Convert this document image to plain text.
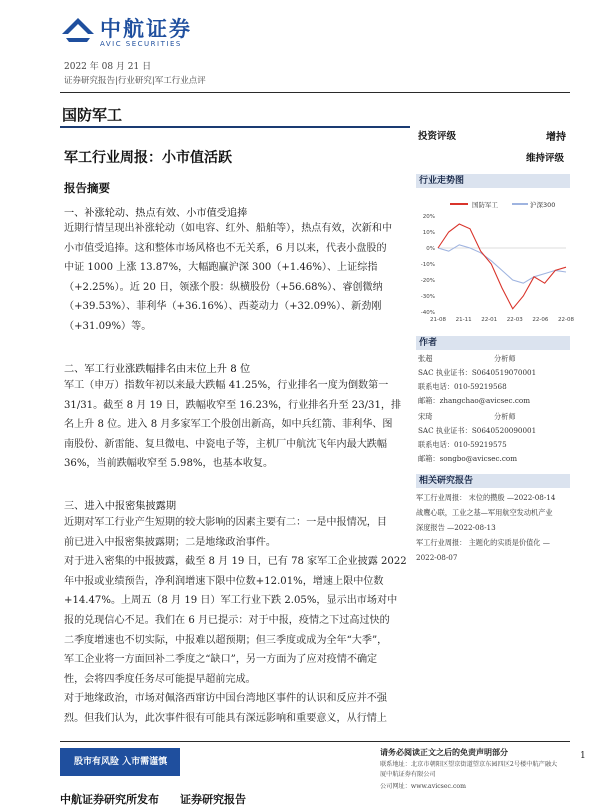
中航证券
AVIC SECURITIES
2022 年 08 月 21 日
证券研究报告|行业研究|军工行业点评
国防军工
军工行业周报：小市值活跃
报告摘要
一、补涨轮动、热点有效、小市值受追捧
近期行情呈现出补涨轮动（如电容、红外、船舶等），热点有效，次新和中
小市值受追捧。这和整体市场风格也不无关系，6 月以来，代表小盘股的
中证 1000 上涨 13.87%，大幅跑赢沪深 300（+1.46%）、上证综指
（+2.25%）。近 20 日，领涨个股：纵横股份（+56.68%）、睿创微纳
（+39.53%）、菲利华（+36.16%）、西菱动力（+32.09%）、新劲刚
（+31.09%）等。
二、军工行业涨跌幅排名由末位上升 8 位
军工（申万）指数年初以来最大跌幅 41.25%，行业排名一度为倒数第一
31/31。截至 8 月 19 日，跌幅收窄至 16.23%，行业排名升至 23/31，排
名上升 8 位。进入 8 月多家军工个股创出新高，如中兵红箭、菲利华、图
南股份、新雷能、复旦微电、中瓷电子等，主机厂中航沈飞年内最大跌幅
36%，当前跌幅收窄至 5.98%，也基本收复。
三、进入中报密集披露期
近期对军工行业产生短期的较大影响的因素主要有二：一是中报情况，目
前已进入中报密集披露期；二是地缘政治事件。
对于进入密集的中报披露，截至 8 月 19 日，已有 78 家军工企业披露 2022
年中报或业绩预告，净利润增速下限中位数+12.01%，增速上限中位数
+14.47%。上周五（8 月 19 日）军工行业下跌 2.05%，显示出市场对中
报的兑现信心不足。我们在 6 月已提示：对于中报，疫情之下过高过快的
二季度增速也不切实际，中报难以超预期；但三季度或成为全年“大季”，
军工企业将一方面回补二季度之“缺口”，另一方面为了应对疫情不确定
性，会将四季度任务尽可能提早超前完成。
对于地缘政治，市场对佩洛西窜访中国台湾地区事件的认识和反应并不强
烈。但我们认为，此次事件很有可能具有深远影响和重要意义，从行情上
投资评级	增持
维持评级
行业走势图
国防军工	沪深300
20%
10%
0%
-10%
-20%
-30%
-40%
21-08 21-11 22-01 22-03 22-06 22-08
作者
张超	分析师
SAC 执业证书：S0640519070001
联系电话：010-59219568
邮箱：zhangchao@avicsec.com
宋琦	分析师
SAC 执业证书：S0640520090001
联系电话：010-59219575
邮箱：songbo@avicsec.com
相关研究报告
军工行业周报： 末位的攒殷 —2022-08-14
战鹰心联，工业之基—军用航空发动机产业
深度报告 —2022-08-13
军工行业周报： 主题化的实质是价值化 —
2022-08-07
股市有风险 入市需谨慎
请务必阅读正文之后的免责声明部分
联系地址：北京市朝阳区望京街道望京东园四区2号楼中航产融大厦中航证券有限公司
公司网址：www.avicsec.com
1
中航证券研究所发布 证券研究报告
